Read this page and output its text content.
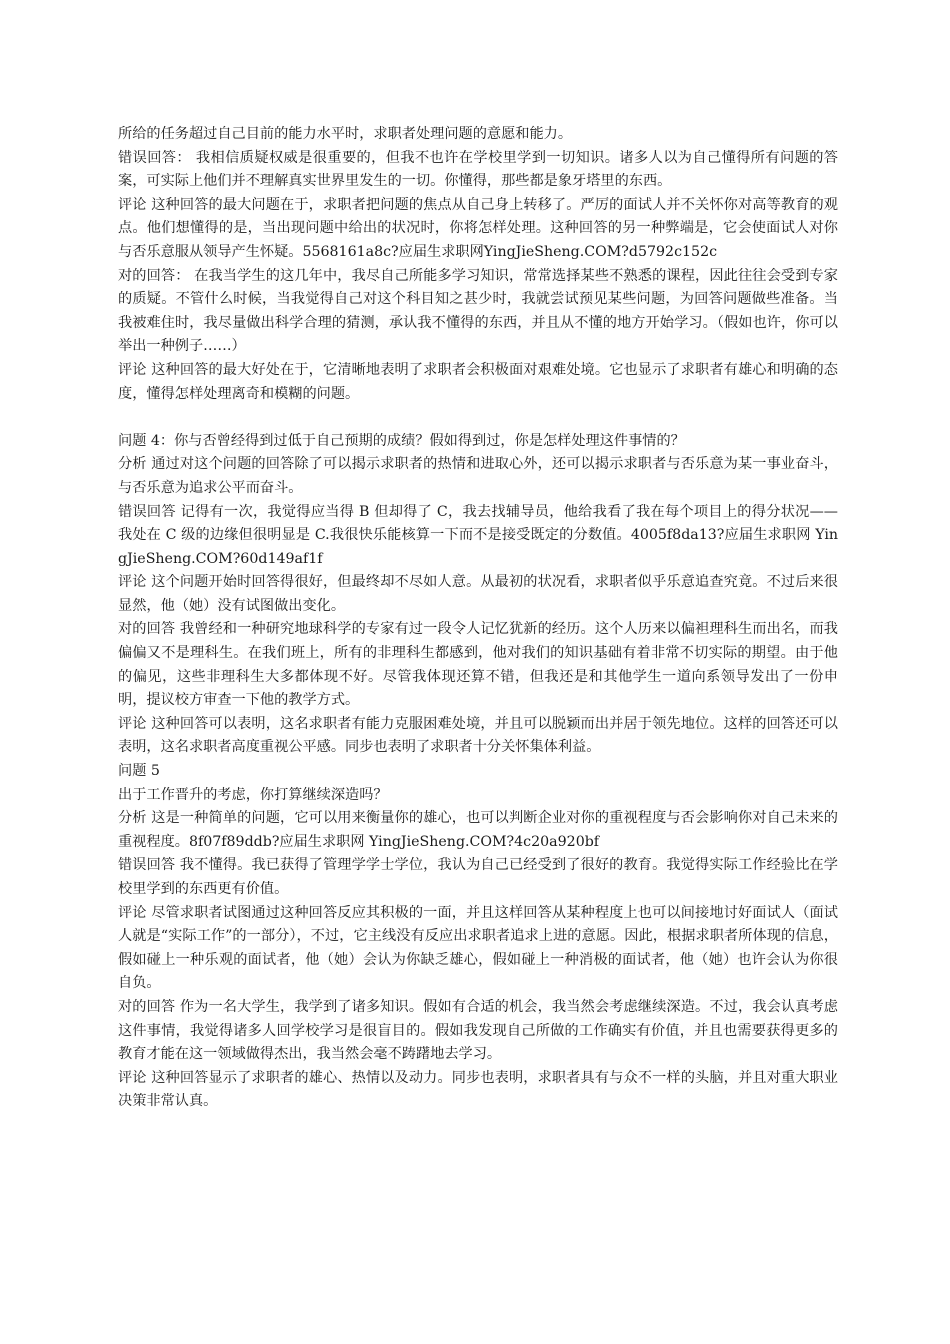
所给的任务超过自己目前的能力水平时，求职者处理问题的意愿和能力。

错误回答： 我相信质疑权威是很重要的，但我不也许在学校里学到一切知识。诸多人以为自己懂得所有问题的答案，可实际上他们并不理解真实世界里发生的一切。你懂得，那些都是象牙塔里的东西。

评论 这种回答的最大问题在于，求职者把问题的焦点从自己身上转移了。严厉的面试人并不关怀你对高等教育的观点。他们想懂得的是，当出现问题中给出的状况时，你将怎样处理。这种回答的另一种弊端是，它会使面试人对你与否乐意服从领导产生怀疑。5568161a8c?应届生求职网YingJieSheng.COM?d5792c152c

对的回答： 在我当学生的这几年中，我尽自己所能多学习知识，常常选择某些不熟悉的课程，因此往往会受到专家的质疑。不管什么时候，当我觉得自己对这个科目知之甚少时，我就尝试预见某些问题，为回答问题做些准备。当我被难住时，我尽量做出科学合理的猜测，承认我不懂得的东西，并且从不懂的地方开始学习。（假如也许，你可以举出一种例子……）

评论 这种回答的最大好处在于，它清晰地表明了求职者会积极面对艰难处境。它也显示了求职者有雄心和明确的态度，懂得怎样处理离奇和模糊的问题。

问题 4：你与否曾经得到过低于自己预期的成绩？假如得到过，你是怎样处理这件事情的？

分析 通过对这个问题的回答除了可以揭示求职者的热情和进取心外，还可以揭示求职者与否乐意为某一事业奋斗，与否乐意为追求公平而奋斗。

错误回答 记得有一次，我觉得应当得 B 但却得了 C，我去找辅导员，他给我看了我在每个项目上的得分状况——我处在 C 级的边缘但很明显是 C.我很快乐能核算一下而不是接受既定的分数值。4005f8da13?应届生求职网 YingJieSheng.COM?60d149af1f

评论 这个问题开始时回答得很好，但最终却不尽如人意。从最初的状况看，求职者似乎乐意追查究竟。不过后来很显然，他（她）没有试图做出变化。

对的回答 我曾经和一种研究地球科学的专家有过一段令人记忆犹新的经历。这个人历来以偏袒理科生而出名，而我偏偏又不是理科生。在我们班上，所有的非理科生都感到，他对我们的知识基础有着非常不切实际的期望。由于他的偏见，这些非理科生大多都体现不好。尽管我体现还算不错，但我还是和其他学生一道向系领导发出了一份申明，提议校方审查一下他的教学方式。

评论 这种回答可以表明，这名求职者有能力克服困难处境，并且可以脱颖而出并居于领先地位。这样的回答还可以表明，这名求职者高度重视公平感。同步也表明了求职者十分关怀集体利益。

问题 5

出于工作晋升的考虑，你打算继续深造吗？

分析 这是一种简单的问题，它可以用来衡量你的雄心，也可以判断企业对你的重视程度与否会影响你对自己未来的重视程度。8f07f89ddb?应届生求职网 YingJieSheng.COM?4c20a920bf

错误回答 我不懂得。我已获得了管理学学士学位，我认为自己已经受到了很好的教育。我觉得实际工作经验比在学校里学到的东西更有价值。

评论 尽管求职者试图通过这种回答反应其积极的一面，并且这样回答从某种程度上也可以间接地讨好面试人（面试人就是“实际工作”的一部分），不过，它主线没有反应出求职者追求上进的意愿。因此，根据求职者所体现的信息，假如碰上一种乐观的面试者，他（她）会认为你缺乏雄心，假如碰上一种消极的面试者，他（她）也许会认为你很自负。

对的回答 作为一名大学生，我学到了诸多知识。假如有合适的机会，我当然会考虑继续深造。不过，我会认真考虑这件事情，我觉得诸多人回学校学习是很盲目的。假如我发现自己所做的工作确实有价值，并且也需要获得更多的教育才能在这一领域做得杰出，我当然会毫不踌躇地去学习。

评论 这种回答显示了求职者的雄心、热情以及动力。同步也表明，求职者具有与众不一样的头脑，并且对重大职业决策非常认真。
